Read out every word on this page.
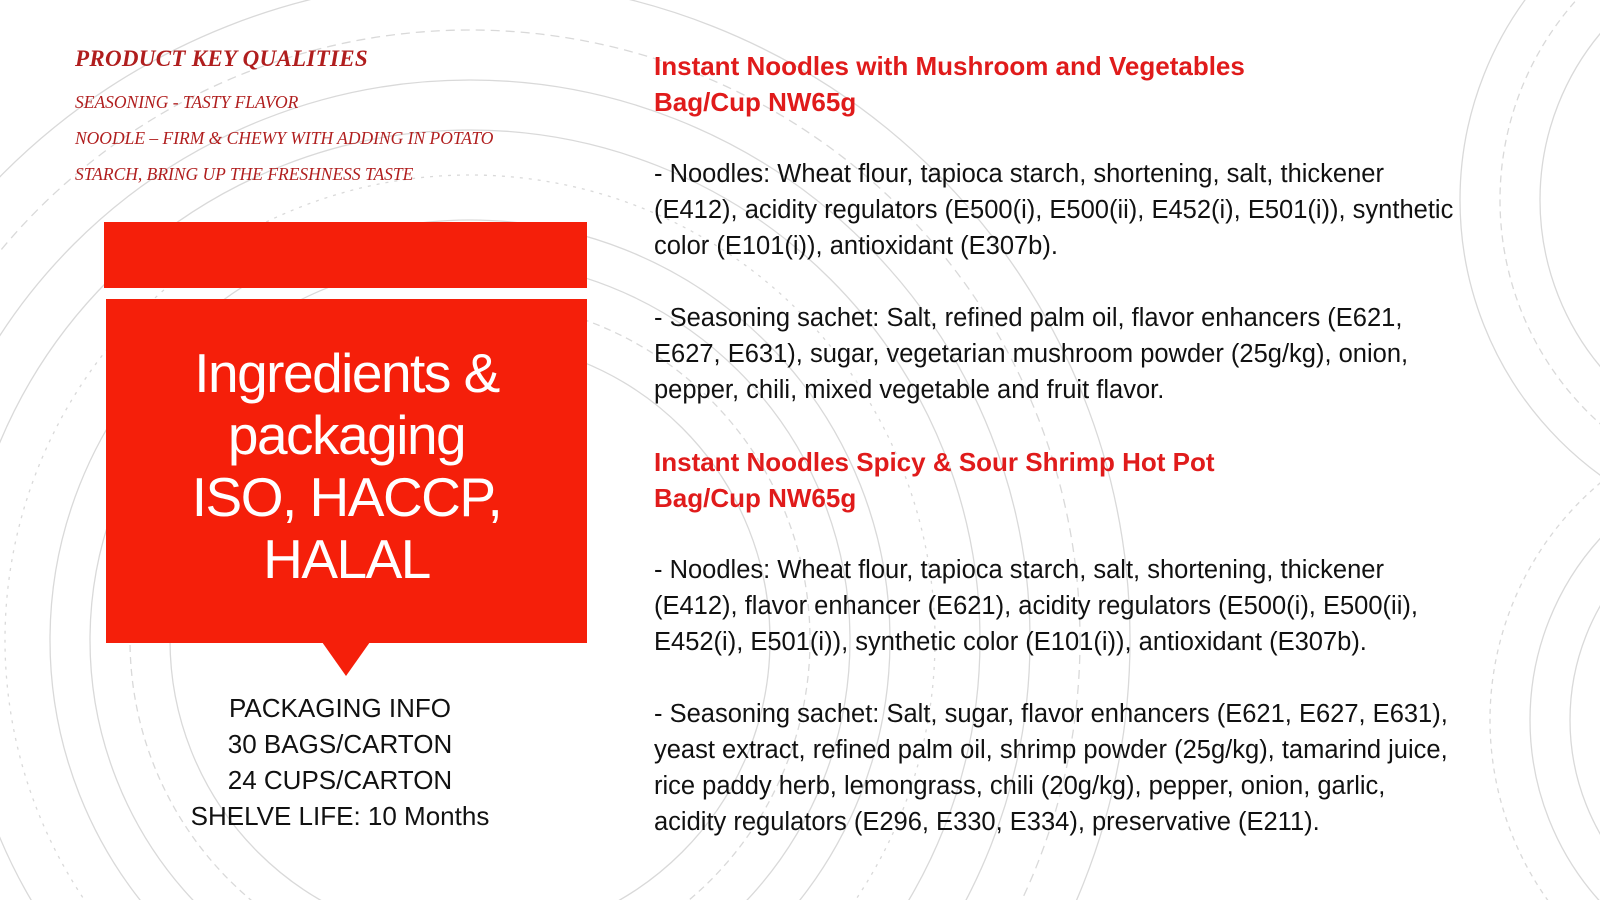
PRODUCT KEY QUALITIES

SEASONING - TASTY FLAVOR

NOODLE – FIRM & CHEWY WITH ADDING IN POTATO

STARCH, BRING UP THE FRESHNESS TASTE

Ingredients &
packaging
ISO, HACCP,
HALAL
PACKAGING INFO
30 BAGS/CARTON
24 CUPS/CARTON
SHELVE LIFE: 10 Months

Instant Noodles with Mushroom and Vegetables

Bag/Cup NW65g

- Noodles: Wheat flour, tapioca starch, shortening, salt, thickener

(E412), acidity regulators (E500(i), E500(ii), E452(i), E501(i)), synthetic

color (E101(i)), antioxidant (E307b).

- Seasoning sachet: Salt, refined palm oil, flavor enhancers (E621,

E627, E631), sugar, vegetarian mushroom powder (25g/kg), onion,

pepper, chili, mixed vegetable and fruit flavor.

Instant Noodles Spicy & Sour Shrimp Hot Pot

Bag/Cup NW65g

- Noodles: Wheat flour, tapioca starch, salt, shortening, thickener

(E412), flavor enhancer (E621), acidity regulators (E500(i), E500(ii),

E452(i), E501(i)), synthetic color (E101(i)), antioxidant (E307b).

- Seasoning sachet: Salt, sugar, flavor enhancers (E621, E627, E631),

yeast extract, refined palm oil, shrimp powder (25g/kg), tamarind juice,

rice paddy herb, lemongrass, chili (20g/kg), pepper, onion, garlic,

acidity regulators (E296, E330, E334), preservative (E211).
